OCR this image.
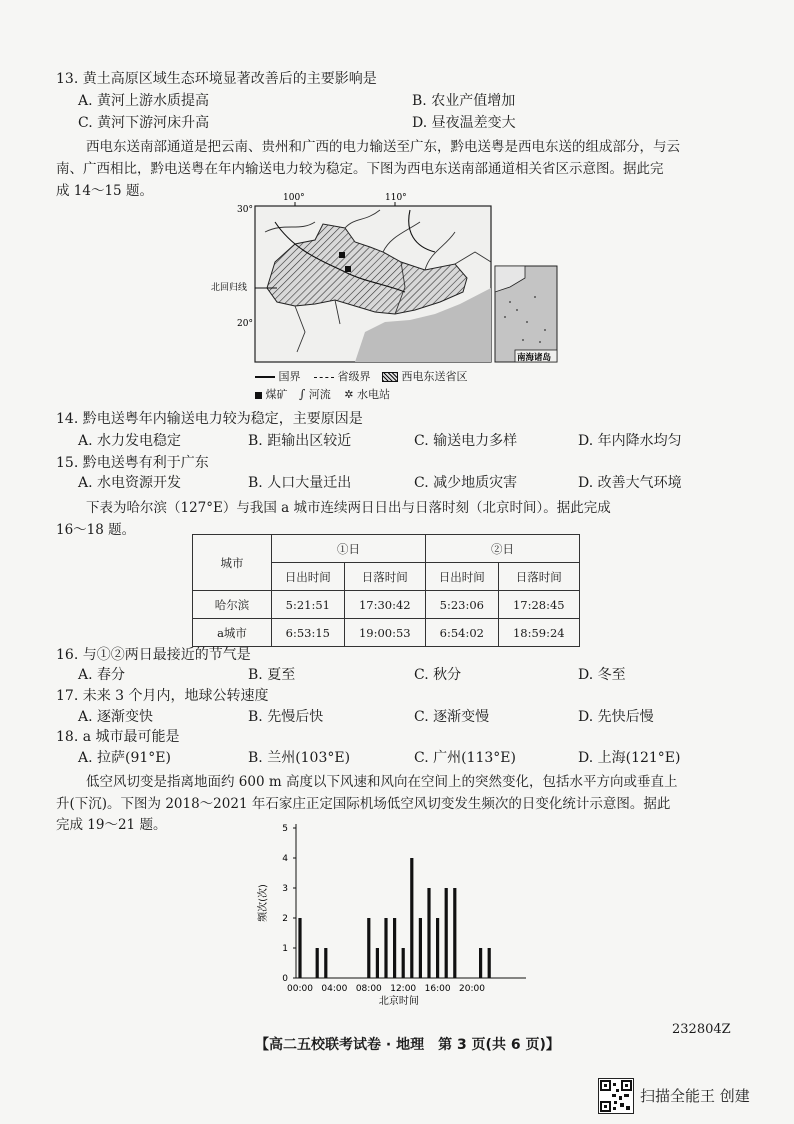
13. 黄土高原区域生态环境显著改善后的主要影响是
A. 黄河上游水质提高	B. 农业产值增加
C. 黄河下游河床升高	D. 昼夜温差变大
西电东送南部通道是把云南、贵州和广西的电力输送至广东，黔电送粤是西电东送的组成部分，与云
南、广西相比，黔电送粤在年内输送电力较为稳定。下图为西电东送南部通道相关省区示意图。据此完
成 14～15 题。	100°	110°
30°
20°
北回归线
南海诸岛
国界	省级界	西电东送省区
煤矿 ∫ 河流 ✲ 水电站
14. 黔电送粤年内输送电力较为稳定，主要原因是
A. 水力发电稳定	B. 距输出区较近	C. 输送电力多样	D. 年内降水均匀
15. 黔电送粤有利于广东
A. 水电资源开发	B. 人口大量迁出	C. 减少地质灾害	D. 改善大气环境
下表为哈尔滨（127°E）与我国 a 城市连续两日日出与日落时刻（北京时间）。据此完成
16～18 题。
城市	①日		②日	
	日出时间	日落时间	日出时间	日落时间
哈尔滨	5:21:51	17:30:42	5:23:06	17:28:45
a城市	6:53:15	19:00:53	6:54:02	18:59:24
16. 与①②两日最接近的节气是
A. 春分	B. 夏至	C. 秋分	D. 冬至
17. 未来 3 个月内，地球公转速度
A. 逐渐变快	B. 先慢后快	C. 逐渐变慢	D. 先快后慢
18. a 城市最可能是
A. 拉萨(91°E)	B. 兰州(103°E)	C. 广州(113°E)	D. 上海(121°E)
低空风切变是指离地面约 600 m 高度以下风速和风向在空间上的突然变化，包括水平方向或垂直上
升(下沉)。下图为 2018～2021 年石家庄正定国际机场低空风切变发生频次的日变化统计示意图。据此
完成 19～21 题。
0
1
2
3
4
5
00:00 04:00 08:00 12:00 16:00 20:00
北京时间
频次(次)
【高二五校联考试卷 · 地理　第 3 页(共 6 页)】
232804Z
扫描全能王 创建
